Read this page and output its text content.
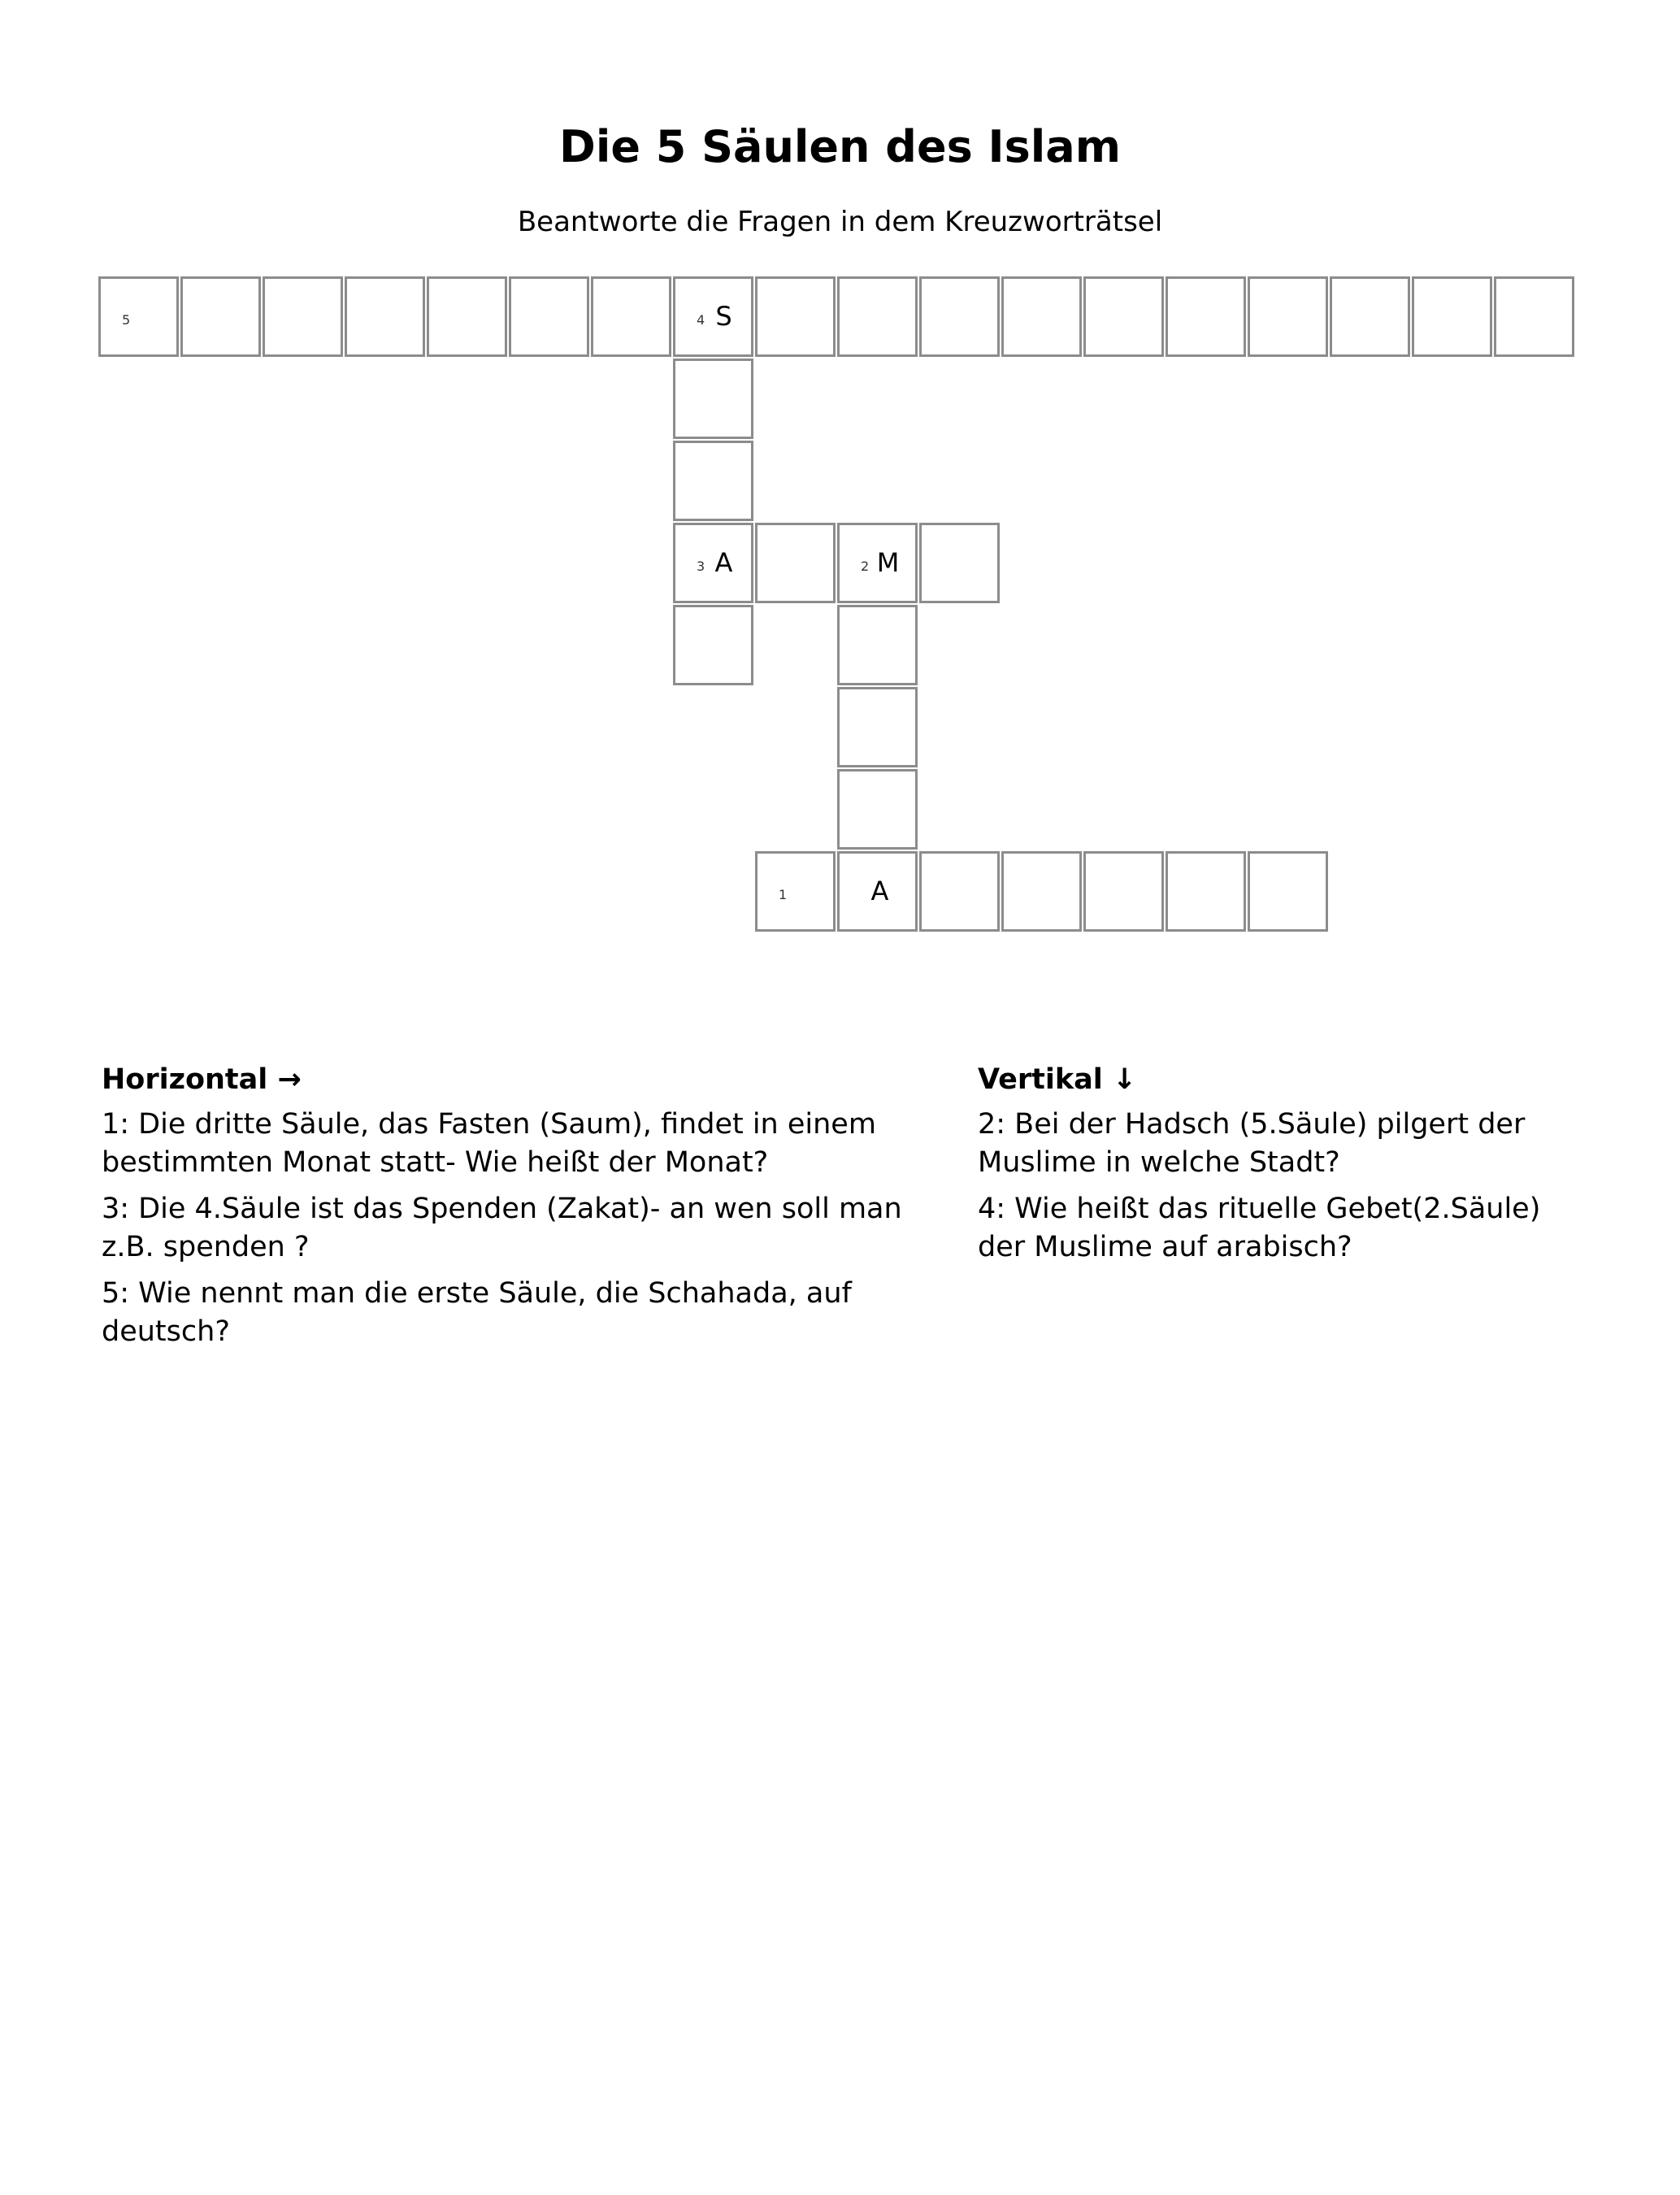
Die 5 Säulen des Islam
Beantworte die Fragen in dem Kreuzworträtsel
5	4 S
3 A	2 M
1	A
Horizontal →
1: Die dritte Säule, das Fasten (Saum), findet in einem bestimmten Monat statt- Wie heißt der Monat?
3: Die 4.Säule ist das Spenden (Zakat)- an wen soll man z.B. spenden ?
5: Wie nennt man die erste Säule, die Schahada, auf deutsch?
Vertikal ↓
2: Bei der Hadsch (5.Säule) pilgert der Muslime in welche Stadt?
4: Wie heißt das rituelle Gebet(2.Säule) der Muslime auf arabisch?
